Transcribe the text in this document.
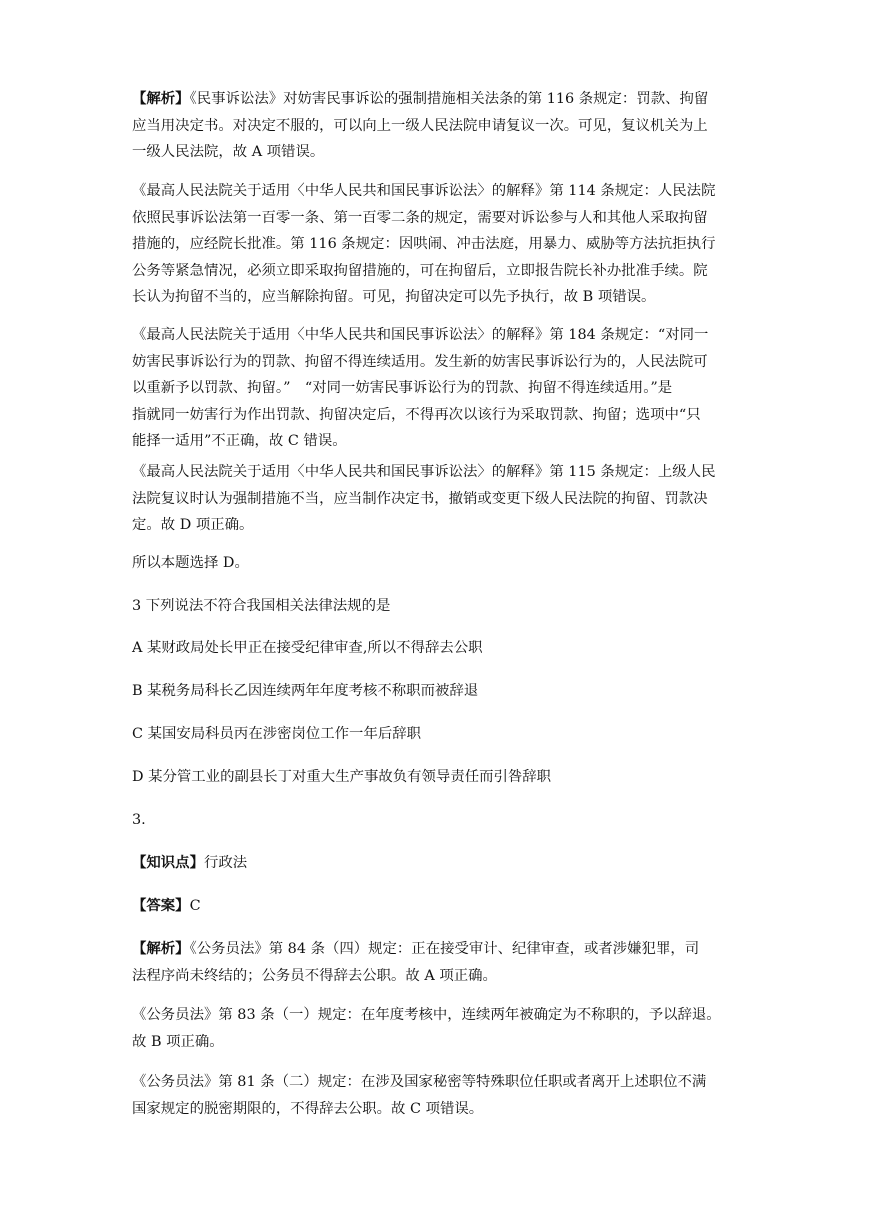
【解析】《民事诉讼法》对妨害民事诉讼的强制措施相关法条的第 116 条规定：罚款、拘留
应当用决定书。对决定不服的，可以向上一级人民法院申请复议一次。可见，复议机关为上
一级人民法院，故 A 项错误。

《最高人民法院关于适用〈中华人民共和国民事诉讼法〉的解释》第 114 条规定：人民法院
依照民事诉讼法第一百零一条、第一百零二条的规定，需要对诉讼参与人和其他人采取拘留
措施的，应经院长批准。第 116 条规定：因哄闹、冲击法庭，用暴力、威胁等方法抗拒执行
公务等紧急情况，必须立即采取拘留措施的，可在拘留后，立即报告院长补办批准手续。院
长认为拘留不当的，应当解除拘留。可见，拘留决定可以先予执行，故 B 项错误。

《最高人民法院关于适用〈中华人民共和国民事诉讼法〉的解释》第 184 条规定：“对同一
妨害民事诉讼行为的罚款、拘留不得连续适用。发生新的妨害民事诉讼行为的，人民法院可
以重新予以罚款、拘留。”　“对同一妨害民事诉讼行为的罚款、拘留不得连续适用。”是
指就同一妨害行为作出罚款、拘留决定后，不得再次以该行为采取罚款、拘留；选项中“只
能择一适用”不正确，故 C 错误。

《最高人民法院关于适用〈中华人民共和国民事诉讼法〉的解释》第 115 条规定：上级人民
法院复议时认为强制措施不当，应当制作决定书，撤销或变更下级人民法院的拘留、罚款决
定。故 D 项正确。

所以本题选择 D。

3 下列说法不符合我国相关法律法规的是

A 某财政局处长甲正在接受纪律审查,所以不得辞去公职

B 某税务局科长乙因连续两年年度考核不称职而被辞退

C 某国安局科员丙在涉密岗位工作一年后辞职

D 某分管工业的副县长丁对重大生产事故负有领导责任而引咎辞职

3.

【知识点】行政法

【答案】C

【解析】《公务员法》第 84 条（四）规定：正在接受审计、纪律审查，或者涉嫌犯罪，司
法程序尚未终结的；公务员不得辞去公职。故 A 项正确。

《公务员法》第 83 条（一）规定：在年度考核中，连续两年被确定为不称职的，予以辞退。
故 B 项正确。

《公务员法》第 81 条（二）规定：在涉及国家秘密等特殊职位任职或者离开上述职位不满
国家规定的脱密期限的，不得辞去公职。故 C 项错误。
